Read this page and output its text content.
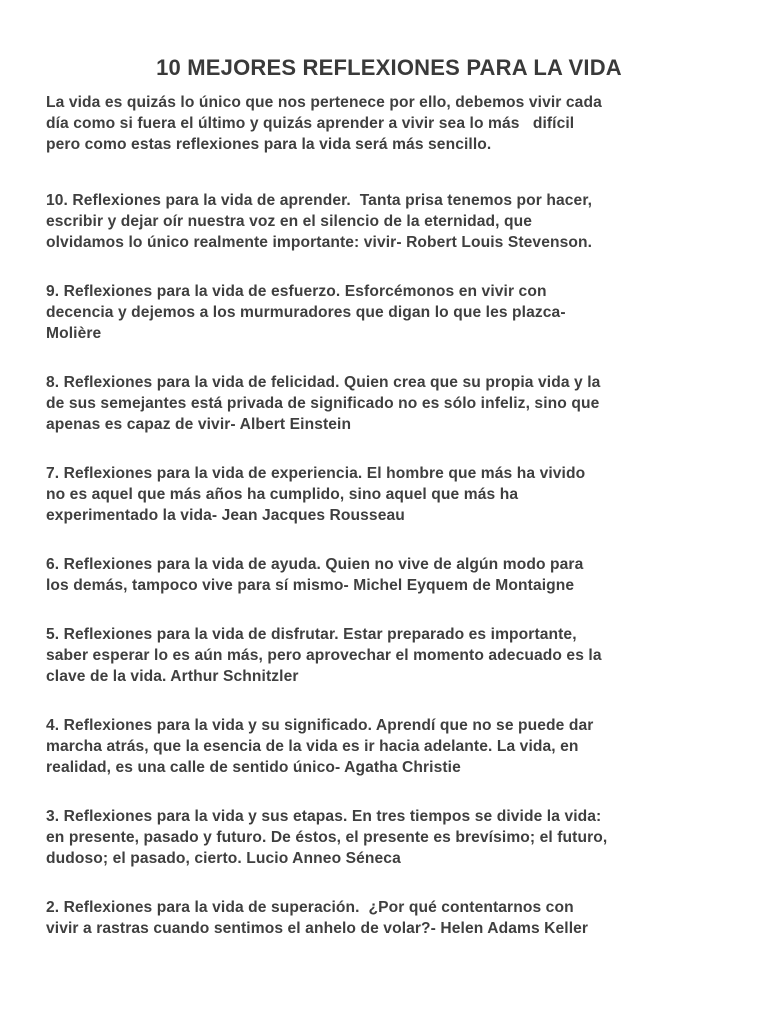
10 MEJORES REFLEXIONES PARA LA VIDA

La vida es quizás lo único que nos pertenece por ello, debemos vivir cada
día como si fuera el último y quizás aprender a vivir sea lo más   difícil
pero como estas reflexiones para la vida será más sencillo.

10. Reflexiones para la vida de aprender.  Tanta prisa tenemos por hacer,
escribir y dejar oír nuestra voz en el silencio de la eternidad, que
olvidamos lo único realmente importante: vivir- Robert Louis Stevenson.

9. Reflexiones para la vida de esfuerzo. Esforcémonos en vivir con
decencia y dejemos a los murmuradores que digan lo que les plazca-
Molière

8. Reflexiones para la vida de felicidad. Quien crea que su propia vida y la
de sus semejantes está privada de significado no es sólo infeliz, sino que
apenas es capaz de vivir- Albert Einstein

7. Reflexiones para la vida de experiencia. El hombre que más ha vivido
no es aquel que más años ha cumplido, sino aquel que más ha
experimentado la vida- Jean Jacques Rousseau

6. Reflexiones para la vida de ayuda. Quien no vive de algún modo para
los demás, tampoco vive para sí mismo- Michel Eyquem de Montaigne

5. Reflexiones para la vida de disfrutar. Estar preparado es importante,
saber esperar lo es aún más, pero aprovechar el momento adecuado es la
clave de la vida. Arthur Schnitzler

4. Reflexiones para la vida y su significado. Aprendí que no se puede dar
marcha atrás, que la esencia de la vida es ir hacia adelante. La vida, en
realidad, es una calle de sentido único- Agatha Christie

3. Reflexiones para la vida y sus etapas. En tres tiempos se divide la vida:
en presente, pasado y futuro. De éstos, el presente es brevísimo; el futuro,
dudoso; el pasado, cierto. Lucio Anneo Séneca

2. Reflexiones para la vida de superación.  ¿Por qué contentarnos con
vivir a rastras cuando sentimos el anhelo de volar?- Helen Adams Keller
